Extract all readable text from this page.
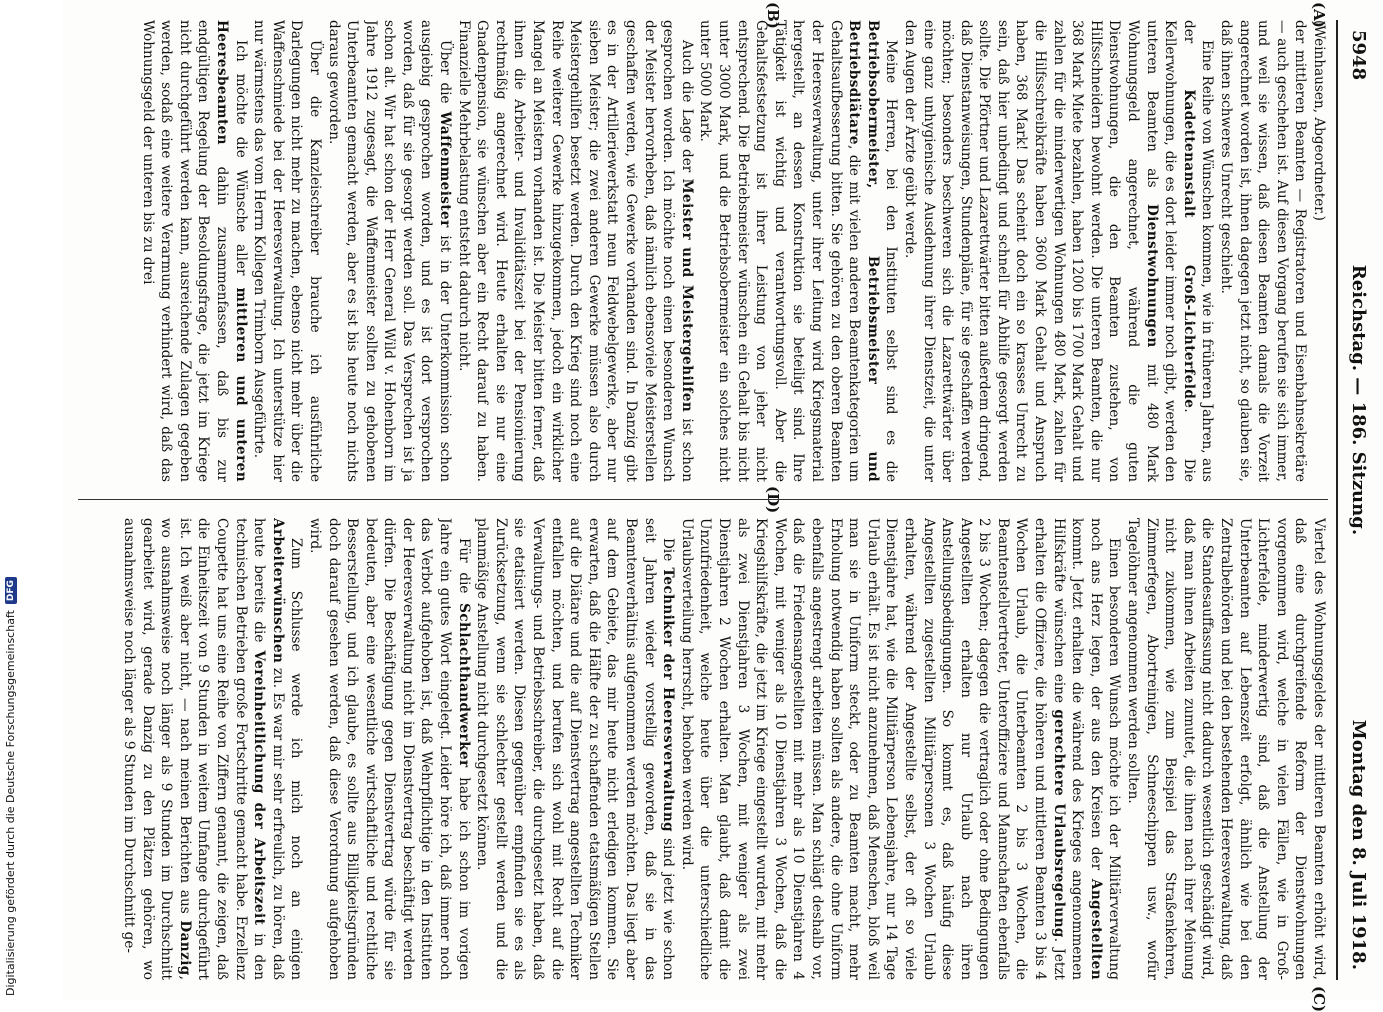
Digitalisierung gefördert durch die Deutsche Forschungsgemeinschaft
DFG
5948
Reichstag. — 186. Sitzung.
Montag den 8. Juli 1918.
(A)
(B)
(C)
(D)

(Weinhausen, Abgeordneter.)

der mittleren Beamten — Registratoren und Eisenbahnsekretäre — auch geschehen ist. Auf diesen Vorgang berufen sie sich immer, und weil sie wissen, daß diesen Beamten damals die Vorzeit angerechnet worden ist, ihnen dagegen jetzt nicht, so glauben sie, daß ihnen schweres Unrecht geschieht.

Eine Reihe von Wünschen kommen, wie in früheren Jahren, aus der Kadettenanstalt Groß-Lichterfelde. Die Kellerwohnungen, die es dort leider immer noch gibt, werden den unteren Beamten als Dienstwohnungen mit 480 Mark Wohnungsgeld angerechnet, während die guten Dienstwohnungen, die den Beamten zustehen, von Hilfsschneidern bewohnt werden. Die unteren Beamten, die nur 368 Mark Miete bezahlen, haben 1200 bis 1700 Mark Gehalt und zahlen für die minderwertigen Wohnungen 480 Mark, zahlen für die Hilfsschreibkräfte haben 3600 Mark Gehalt und Anspruch haben, 368 Mark! Das scheint doch ein so krasses Unrecht zu sein, daß hier unbedingt und schnell für Abhilfe gesorgt werden sollte. Die Pförtner und Lazarettwärter bitten außerdem dringend, daß Dienstanweisungen, Stundenpläne, für sie geschaffen werden möchten; besonders beschweren sich die Lazarettwärter über eine ganz unhygienische Ausdehnung ihrer Dienstzeit, die unter den Augen der Ärzte geübt werde.

Meine Herren, bei den Instituten selbst sind es die Betriebsobermeister, Betriebsmeister und Betriebsdiätare, die mit vielen anderen Beamtenkategorien um Gehaltsaufbesserung bitten. Sie gehören zu den oberen Beamten der Heeresverwaltung, unter ihrer Leitung wird Kriegsmaterial hergestellt, an dessen Konstruktion sie beteiligt sind. Ihre Tätigkeit ist wichtig und verantwortungsvoll. Aber die Gehaltsfestsetzung ist ihrer Leistung von jeher nicht entsprechend. Die Betriebsmeister wünschen ein Gehalt bis nicht unter 3000 Mark, und die Betriebsobermeister ein solches nicht unter 5000 Mark.

Auch die Lage der Meister und Meistergehilfen ist schon gesprochen worden. Ich möchte noch einen besonderen Wunsch der Meister hervorheben, daß nämlich ebensoviele Meisterstellen geschaffen werden, wie Gewerke vorhanden sind. In Danzig gibt es in der Artilleriewerkstatt neun Feldwebelgewerke, aber nur sieben Meister; die zwei anderen Gewerke müssen also durch Meistergehilfen besetzt werden. Durch den Krieg sind noch eine Reihe weiterer Gewerke hinzugekommen, jedoch ein wirklicher Mangel an Meistern vorhanden ist. Die Meister bitten ferner, daß ihnen die Arbeiter- und Invaliditätszeit bei der Pensionierung rechtmäßig angerechnet wird. Heute erhalten sie nur eine Gnadenpension, sie wünschen aber ein Recht darauf zu haben. Finanzielle Mehrbelastung entsteht dadurch nicht.

Über die Waffenmeister ist in der Unterkommission schon ausgiebig gesprochen worden, und es ist dort versprochen worden, daß für sie gesorgt werden soll. Das Versprechen ist ja schon alt. Wir hat schon der Herr General Wild v. Hohenborn im Jahre 1912 zugesagt, die Waffenmeister sollten zu gehobenen Unterbeamten gemacht werden, aber es ist bis heute noch nichts daraus geworden.

Über die Kanzleischreiber brauche ich ausführliche Darlegungen nicht mehr zu machen, ebenso nicht mehr über die Waffenschmiede bei der Heeresverwaltung. Ich unterstütze hier nur wärmstens das vom Herrn Kollegen Trimborn Ausgeführte.

Ich möchte die Wünsche aller mittleren und unteren Heeresbeamten dahin zusammenfassen, daß bis zur endgültigen Regelung der Besoldungsfrage, die jetzt im Kriege nicht durchgeführt werden kann, ausreichende Zulagen gegeben werden, sodaß eine weitere Verarmung verhindert wird, daß das Wohnungsgeld der unteren bis zu drei

Viertel des Wohnungsgeldes der mittleren Beamten erhöht wird, daß eine durchgreifende Reform der Dienstwohnungen vorgenommen wird, welche in vielen Fällen, wie in Groß-Lichterfelde, minderwertig sind, daß die Anstellung der Unterbeamten auf Lebenszeit erfolgt, ähnlich wie bei den Zentralbehörden und bei den bestehenden Heeresverwaltung, daß die Standesauffassung nicht dadurch wesentlich geschädigt wird, daß man ihnen Arbeiten zumutet, die ihnen nach ihrer Meinung nicht zukommen, wie zum Beispiel das Straßenkehren, Zimmerfegen, Abortreinigen, Schneeschippen usw., wofür Tagelöhner angenommen werden sollten.

Einen besonderen Wunsch möchte ich der Militärverwaltung noch ans Herz legen, der aus den Kreisen der Angestellten kommt. Jetzt erhalten die während des Krieges angenommenen Hilfskräfte wünschen eine gerechtere Urlaubsregelung. Jetzt erhalten die Offiziere, die höheren und mittleren Beamten 3 bis 4 Wochen Urlaub, die Unterbeamten 2 bis 3 Wochen, die Beamtenstellvertreter, Unteroffiziere und Mannschaften ebenfalls 2 bis 3 Wochen; dagegen die vertraglich oder ohne Bedingungen Angestellten erhalten nur Urlaub nach ihren Anstellungsbedingungen. So kommt es, daß häufig diese Angestellten zugestellten Militärpersonen 3 Wochen Urlaub erhalten, während der Angestellte selbst, der oft so viele Dienstjahre hat, wie die Militärperson Lebensjahre, nur 14 Tage Urlaub erhält. Es ist nicht anzunehmen, daß Menschen, bloß weil man sie in Uniform steckt, oder zu Beamten macht, mehr Erholung notwendig haben sollten als andere, die ohne Uniform ebenfalls angestrengt arbeiten müssen. Man schlägt deshalb vor, daß die Friedensangestellten mit mehr als 10 Dienstjahren 4 Wochen, mit weniger als 10 Dienstjahren 3 Wochen, daß die Kriegshilfskräfte, die jetzt im Kriege eingestellt wurden, mit mehr als zwei Dienstjahren 3 Wochen, mit weniger als zwei Dienstjahren 2 Wochen erhalten. Man glaubt, daß damit die Unzufriedenheit, welche heute über die unterschiedliche Urlaubsverteilung herrscht, behoben werden wird.

Die Techniker der Heeresverwaltung sind jetzt wie schon seit Jahren wieder vorstellig geworden, daß sie in das Beamtenverhältnis aufgenommen werden möchten. Das liegt aber auf dem Gebiete, das mir heute nicht erledigen kommen. Sie erwarten, daß die Hälfte der zu schaffenden etatsmäßigen Stellen auf die Diätare und die auf Dienstvertrag angestellten Techniker entfallen möchten, und berufen sich wohl mit Recht auf die Verwaltungs- und Betriebsschreiber, die durchgesetzt haben, daß sie etatisiert werden. Diesen gegenüber empfinden sie es als Zurücksetzung, wenn sie schlechter gestellt werden und die planmäßige Anstellung nicht durchgesetzt können.

Für die Schlachthandwerker habe ich schon im vorigen Jahre ein gutes Wort eingelegt. Leider höre ich, daß immer noch das Verbot aufgehoben ist, daß Wehrpflichtige in den Instituten der Heeresverwaltung nicht im Dienstvertrag beschäftigt werden dürfen. Die Beschäftigung gegen Dienstvertrag würde für sie bedeuten, aber eine wesentliche wirtschaftliche und rechtliche Besserstellung, und ich glaube, es sollte aus Billigkeitsgründen doch darauf gesehen werden, daß diese Verordnung aufgehoben wird.

Zum Schlusse werde ich mich noch an einigen Arbeiterwünschen zu. Es war mir sehr erfreulich, zu hören, daß heute bereits die Vereinheitlichung der Arbeitszeit in den technischen Betrieben große Fortschritte gemacht habe. Erzellenz Coupette hat uns eine Reihe von Ziffern genannt, die zeigen, daß die Einheitszeit von 9 Stunden in weitem Umfange durchgeführt ist. Ich weiß aber nicht, — nach meinen Berichten aus Danzig, wo ausnahmsweise noch länger als 9 Stunden im Durchschnitt gearbeitet wird, gerade Danzig zu den Plätzen gehören, wo ausnahmsweise noch länger als 9 Stunden im Durchschnitt ge-
